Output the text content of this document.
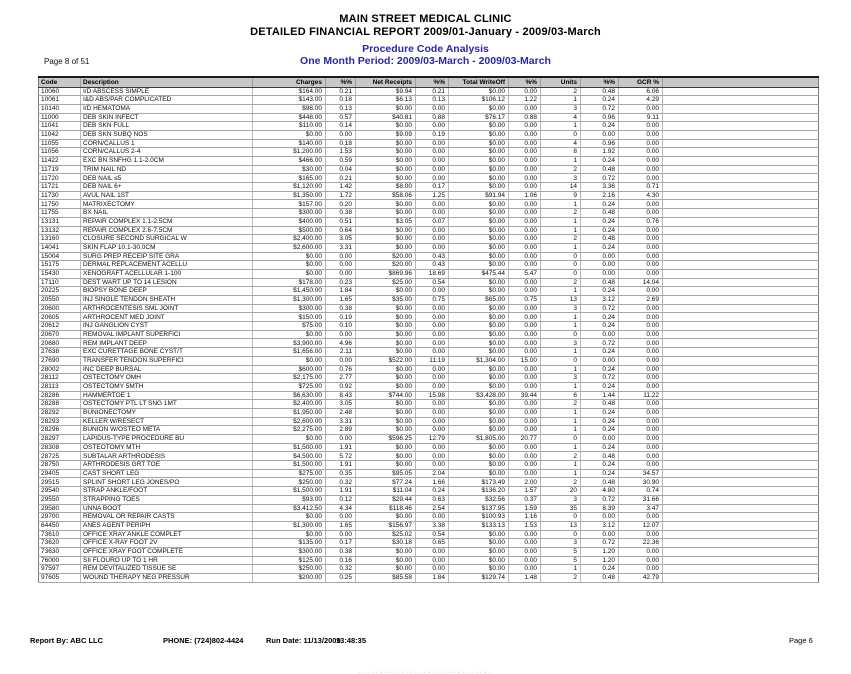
MAIN STREET MEDICAL CLINIC
DETAILED FINANCIAL REPORT 2009/01-January - 2009/03-March
Procedure Code Analysis
One Month Period: 2009/03-March - 2009/03-March
Page 8 of 51
Code	Description	Charges	%%	Net Receipts	%%	Total WriteOff	%%	Units	%%	GCR %	
10060	I/D ABSCESS SIMPLE	$164.00	0.21	$9.94	0.21	$0.00	0.00	2	0.48	6.06	
10061	I&D ABS/PAR COMPLICATED	$143.00	0.18	$6.13	0.13	$106.12	1.22	1	0.24	4.29	
10140	I/D HEMATOMA	$98.00	0.13	$0.00	0.00	$0.00	0.00	3	0.72	0.00	
11000	DEB SKIN INFECT	$448.00	0.57	$40.81	0.88	$76.17	0.88	4	0.96	9.11	
11041	DEB SKN FULL	$110.00	0.14	$0.00	0.00	$0.00	0.00	1	0.24	0.00	
11042	DEB SKN SUBQ NOS	$0.00	0.00	$9.09	0.19	$0.00	0.00	0	0.00	0.00	
11055	CORN/CALLUS 1	$140.00	0.18	$0.00	0.00	$0.00	0.00	4	0.96	0.00	
11056	CORN/CALLUS 2-4	$1,200.00	1.53	$0.00	0.00	$0.00	0.00	8	1.92	0.00	
11422	EXC BN SNFHG 1.1-2.0CM	$466.00	0.59	$0.00	0.00	$0.00	0.00	1	0.24	0.00	
11719	TRIM NAIL ND	$30.00	0.04	$0.00	0.00	$0.00	0.00	2	0.48	0.00	
11720	DEB NAIL ≤5	$165.00	0.21	$0.00	0.00	$0.00	0.00	3	0.72	0.00	
11721	DEB NAIL 6+	$1,120.00	1.42	$8.00	0.17	$0.00	0.00	14	3.36	0.71	
11730	AVUL NAIL 1ST	$1,350.00	1.72	$58.06	1.25	$91.94	1.06	9	2.16	4.30	
11750	MATRIXECTOMY	$157.00	0.20	$0.00	0.00	$0.00	0.00	1	0.24	0.00	
11755	BX NAIL	$300.00	0.38	$0.00	0.00	$0.00	0.00	2	0.48	0.00	
13131	REPAIR COMPLEX 1.1-2.5CM	$400.00	0.51	$3.05	0.07	$0.00	0.00	1	0.24	0.76	
13132	REPAIR COMPLEX 2.6-7.5CM	$500.00	0.64	$0.00	0.00	$0.00	0.00	1	0.24	0.00	
13160	CLOSURE SECOND SURGICAL W	$2,400.00	3.05	$0.00	0.00	$0.00	0.00	2	0.48	0.00	
14041	SKIN FLAP 10.1-30.0CM	$2,600.00	3.31	$0.00	0.00	$0.00	0.00	1	0.24	0.00	
15004	SURG PREP RECEIP SITE GRA	$0.00	0.00	$20.00	0.43	$0.00	0.00	0	0.00	0.00	
15175	DERMAL REPLACEMENT ACELLU	$0.00	0.00	$20.00	0.43	$0.00	0.00	0	0.00	0.00	
15430	XENOGRAFT ACELLULAR 1-100	$0.00	0.00	$869.96	18.69	$475.44	5.47	0	0.00	0.00	
17110	DEST WART UP TO 14 LESION	$178.00	0.23	$25.00	0.54	$0.00	0.00	2	0.48	14.04	
20225	BIOPSY BONE DEEP	$1,450.00	1.84	$0.00	0.00	$0.00	0.00	1	0.24	0.00	
20550	INJ SINGLE TENDON SHEATH	$1,300.00	1.65	$35.00	0.75	$65.00	0.75	13	3.12	2.69	
20600	ARTHROCENTESIS SML JOINT	$300.00	0.38	$0.00	0.00	$0.00	0.00	3	0.72	0.00	
20605	ARTHROCENT MED JOINT	$150.00	0.19	$0.00	0.00	$0.00	0.00	1	0.24	0.00	
20612	INJ GANGLION CYST	$75.00	0.10	$0.00	0.00	$0.00	0.00	1	0.24	0.00	
20670	REMOVAL IMPLANT SUPERFICI	$0.00	0.00	$0.00	0.00	$0.00	0.00	0	0.00	0.00	
20680	REM IMPLANT DEEP	$3,900.00	4.96	$0.00	0.00	$0.00	0.00	3	0.72	0.00	
27638	EXC CURETTAGE BONE CYST/T	$1,656.00	2.11	$0.00	0.00	$0.00	0.00	1	0.24	0.00	
27690	TRANSFER TENDON SUPERFICI	$0.00	0.00	$522.00	11.19	$1,304.00	15.00	0	0.00	0.00	
28002	INC DEEP BURSAL	$600.00	0.76	$0.00	0.00	$0.00	0.00	1	0.24	0.00	
28112	OSTECTOMY OMH	$2,175.00	2.77	$0.00	0.00	$0.00	0.00	3	0.72	0.00	
28113	OSTECTOMY 5MTH	$725.00	0.92	$0.00	0.00	$0.00	0.00	1	0.24	0.00	
28286	HAMMERTOE 1	$6,630.00	8.43	$744.00	15.98	$3,428.00	39.44	6	1.44	11.22	
28288	OSTECTOMY PTL LT SNG 1MT	$2,400.00	3.05	$0.00	0.00	$0.00	0.00	2	0.48	0.00	
28292	BUNIONECTOMY	$1,950.00	2.48	$0.00	0.00	$0.00	0.00	1	0.24	0.00	
28293	KELLER W/RESECT	$2,600.00	3.31	$0.00	0.00	$0.00	0.00	1	0.24	0.00	
28296	BUNION W/OSTEO META	$2,275.00	2.89	$0.00	0.00	$0.00	0.00	1	0.24	0.00	
28297	LAPIDUS-TYPE PROCEDURE BU	$0.00	0.00	$596.25	12.79	$1,805.00	20.77	0	0.00	0.00	
28308	OSTEOTOMY MTH	$1,500.00	1.91	$0.00	0.00	$0.00	0.00	1	0.24	0.00	
28725	SUBTALAR ARTHRODESIS	$4,500.00	5.72	$0.00	0.00	$0.00	0.00	2	0.48	0.00	
28750	ARTHRODESIS GRT TOE	$1,500.00	1.91	$0.00	0.00	$0.00	0.00	1	0.24	0.00	
29405	CAST SHORT LEG	$275.00	0.35	$95.05	2.04	$0.00	0.00	1	0.24	34.57	
29515	SPLINT SHORT LEG JONES/PO	$250.00	0.32	$77.24	1.66	$173.49	2.00	2	0.48	30.90	
29540	STRAP ANKLE/FOOT	$1,500.00	1.91	$11.04	0.24	$136.20	1.57	20	4.80	0.74	
29550	STRAPPING TOES	$93.00	0.12	$29.44	0.63	$32.56	0.37	3	0.72	31.66	
29580	UNNA BOOT	$3,412.50	4.34	$118.46	2.54	$137.95	1.59	35	8.39	3.47	
29700	REMOVAL OR REPAIR CASTS	$0.00	0.00	$0.00	0.00	$100.93	1.16	0	0.00	0.00	
64450	ANES AGENT PERIPH	$1,300.00	1.65	$156.97	3.38	$133.13	1.53	13	3.12	12.07	
73610	OFFICE XRAY ANKLE COMPLET	$0.00	0.00	$25.02	0.54	$0.00	0.00	0	0.00	0.00	
73620	OFFICE X-RAY FOOT 2V	$135.00	0.17	$30.18	0.65	$0.00	0.00	3	0.72	22.36	
73630	OFFICE XRAY FOOT COMPLETE	$300.00	0.38	$0.00	0.00	$0.00	0.00	5	1.20	0.00	
76000	SII FLOURO UP TO 1 HR	$125.00	0.16	$0.00	0.00	$0.00	0.00	5	1.20	0.00	
97597	REM DEVITALIZED TISSUE SE	$250.00	0.32	$0.00	0.00	$0.00	0.00	1	0.24	0.00	
97605	WOUND THERAPY NEG PRESSUR	$200.00	0.25	$85.58	1.84	$129.74	1.48	2	0.48	42.79	
Report By: ABC LLC	PHONE: (724)802-4424	Run Date: 11/13/2009
13:48:35	Page 6
·······························
